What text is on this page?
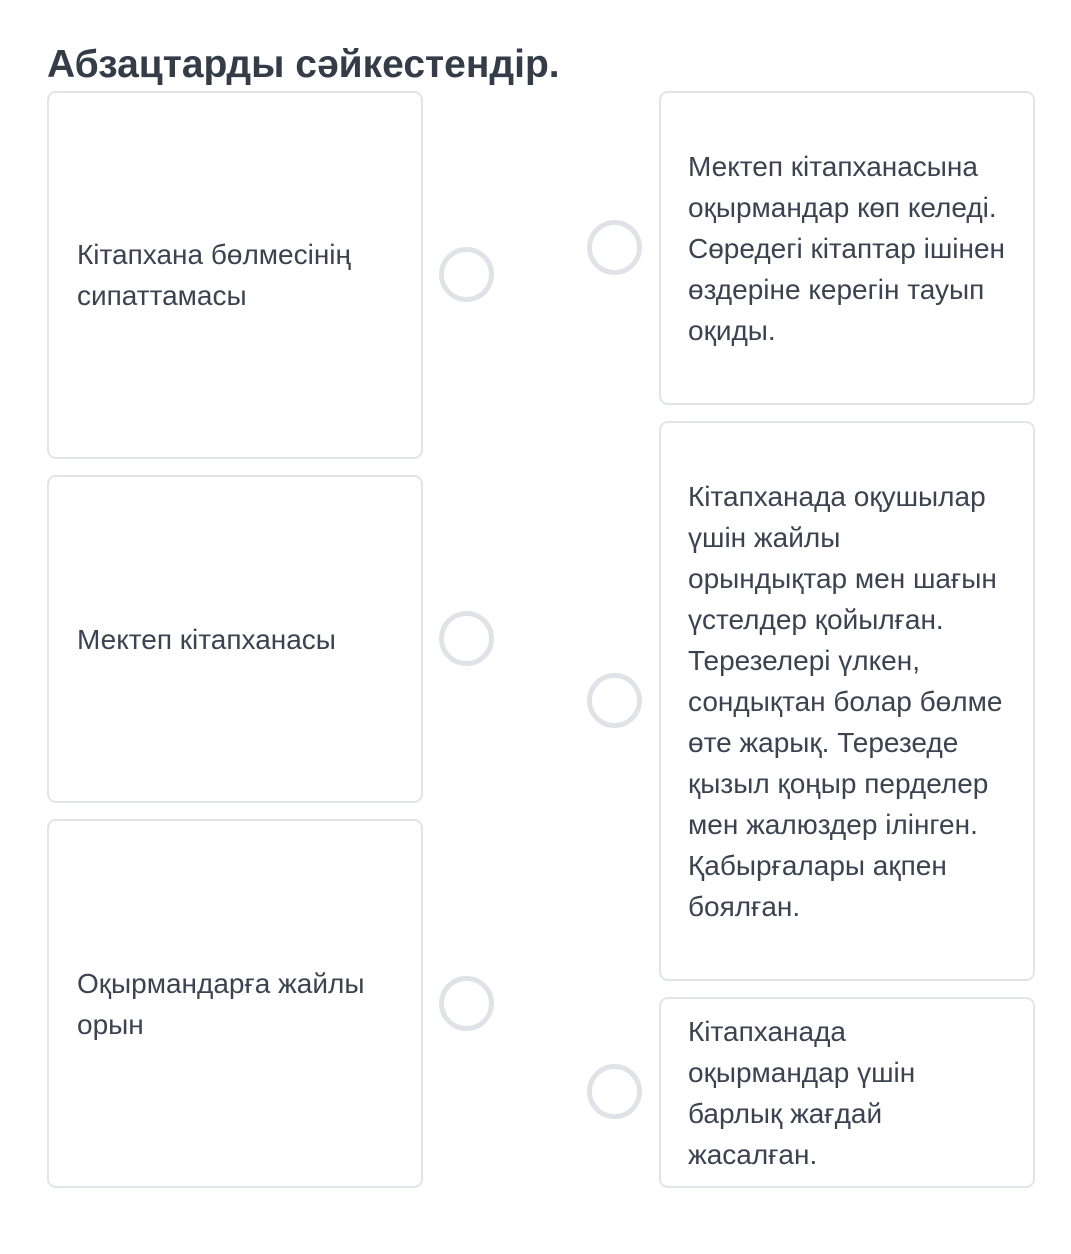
Абзацтарды сәйкестендір.
Кітапхана бөлмесінің сипаттамасы
Мектеп кітапханасы
Оқырмандарға жайлы орын
Мектеп кітапханасына оқырмандар көп келеді. Сөредегі кітаптар ішінен өздеріне керегін тауып оқиды.
Кітапханада оқушылар үшін жайлы орындықтар мен шағын үстелдер қойылған. Терезелері үлкен, сондықтан болар бөлме өте жарық. Терезеде қызыл қоңыр перделер мен жалюздер ілінген. Қабырғалары ақпен боялған.
Кітапханада оқырмандар үшін барлық жағдай жасалған.
